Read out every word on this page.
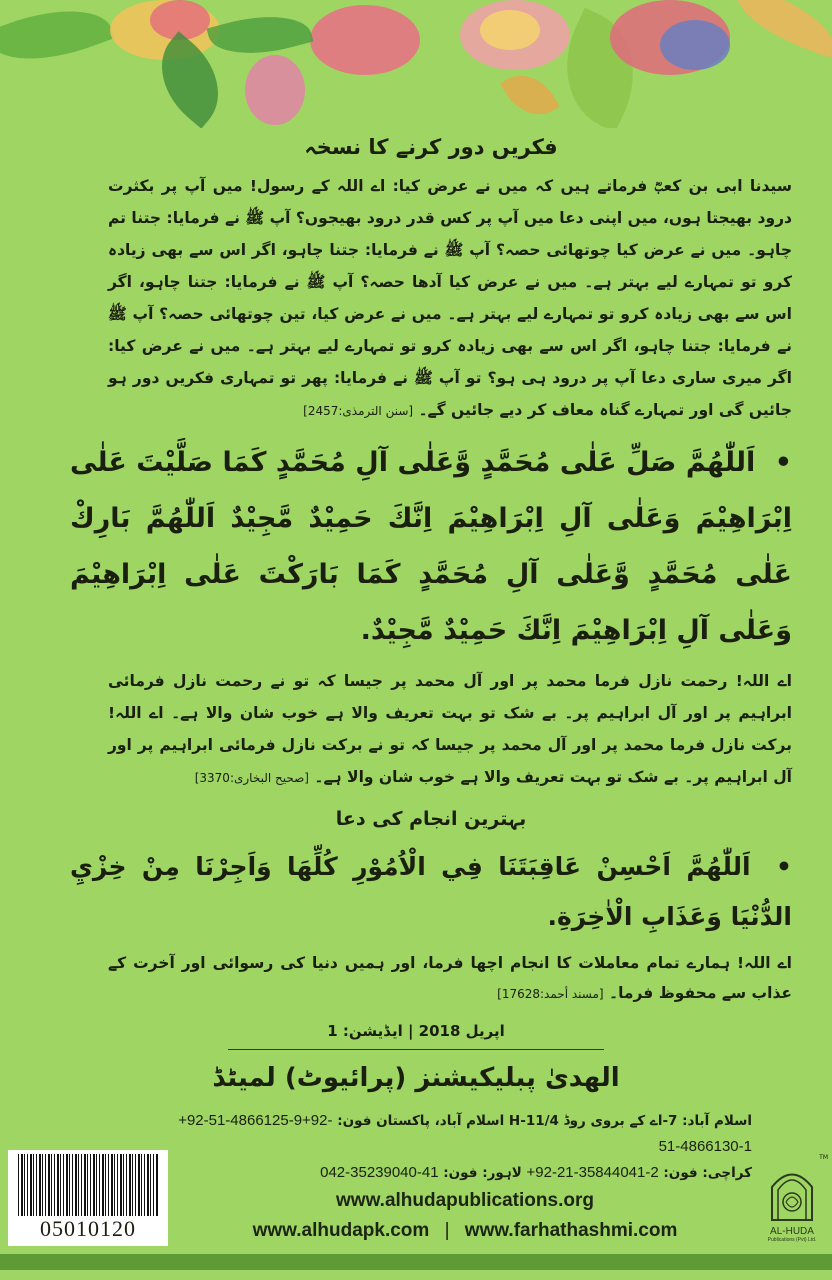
فکریں دور کرنے کا نسخہ
سیدنا ابی بن کعبؓ فرماتے ہیں کہ میں نے عرض کیا: اے اللہ کے رسول! میں آپ پر بکثرت درود بھیجتا ہوں، میں اپنی دعا میں آپ پر کس قدر درود بھیجوں؟ آپ ﷺ نے فرمایا: جتنا تم چاہو۔ میں نے عرض کیا چوتھائی حصہ؟ آپ ﷺ نے فرمایا: جتنا چاہو، اگر اس سے بھی زیادہ کرو تو تمہارے لیے بہتر ہے۔ میں نے عرض کیا آدھا حصہ؟ آپ ﷺ نے فرمایا: جتنا چاہو، اگر اس سے بھی زیادہ کرو تو تمہارے لیے بہتر ہے۔ میں نے عرض کیا، تین چوتھائی حصہ؟ آپ ﷺ نے فرمایا: جتنا چاہو، اگر اس سے بھی زیادہ کرو تو تمہارے لیے بہتر ہے۔ میں نے عرض کیا: اگر میری ساری دعا آپ پر درود ہی ہو؟ تو آپ ﷺ نے فرمایا: پھر تو تمہاری فکریں دور ہو جائیں گی اور تمہارے گناہ معاف کر دیے جائیں گے۔ [سنن الترمذی:2457]
• اَللّٰهُمَّ صَلِّ عَلٰى مُحَمَّدٍ وَّعَلٰى آلِ مُحَمَّدٍ كَمَا صَلَّيْتَ عَلٰى اِبْرَاهِيْمَ وَعَلٰى آلِ اِبْرَاهِيْمَ اِنَّكَ حَمِيْدٌ مَّجِيْدٌ اَللّٰهُمَّ بَارِكْ عَلٰى مُحَمَّدٍ وَّعَلٰى آلِ مُحَمَّدٍ كَمَا بَارَكْتَ عَلٰى اِبْرَاهِيْمَ وَعَلٰى آلِ اِبْرَاهِيْمَ اِنَّكَ حَمِيْدٌ مَّجِيْدٌ.
اے اللہ! رحمت نازل فرما محمد پر اور آل محمد پر جیسا کہ تو نے رحمت نازل فرمائی ابراہیم پر اور آل ابراہیم پر۔ بے شک تو بہت تعریف والا ہے خوب شان والا ہے۔ اے اللہ! برکت نازل فرما محمد پر اور آل محمد پر جیسا کہ تو نے برکت نازل فرمائی ابراہیم پر اور آل ابراہیم پر۔ بے شک تو بہت تعریف والا ہے خوب شان والا ہے۔ [صحیح البخاری:3370]
بہترین انجام کی دعا
• اَللّٰهُمَّ اَحْسِنْ عَاقِبَتَنَا فِي الْاُمُوْرِ كُلِّهَا وَاَجِرْنَا مِنْ خِزْيِ الدُّنْيَا وَعَذَابِ الْاٰخِرَةِ.
اے اللہ! ہمارے تمام معاملات کا انجام اچھا فرما، اور ہمیں دنیا کی رسوائی اور آخرت کے عذاب سے محفوظ فرما۔ [مسند أحمد:17628]
اپریل 2018 | ایڈیشن: 1
الھدیٰ پبلیکیشنز (پرائیوٹ) لمیٹڈ
05010120
اسلام آباد: 7-اے کے بروی روڈ H-11/4 اسلام آباد، پاکستان فون: +92-51-4866125-9+92-51-4866130-1
کراچی: فون: +92-21-35844041-2 لاہور: فون: 042-35239040-41
www.alhudapublications.org
www.alhudapk.com | www.farhathashmi.com
TM
AL-HUDA
Publications (Pvt) Ltd.
